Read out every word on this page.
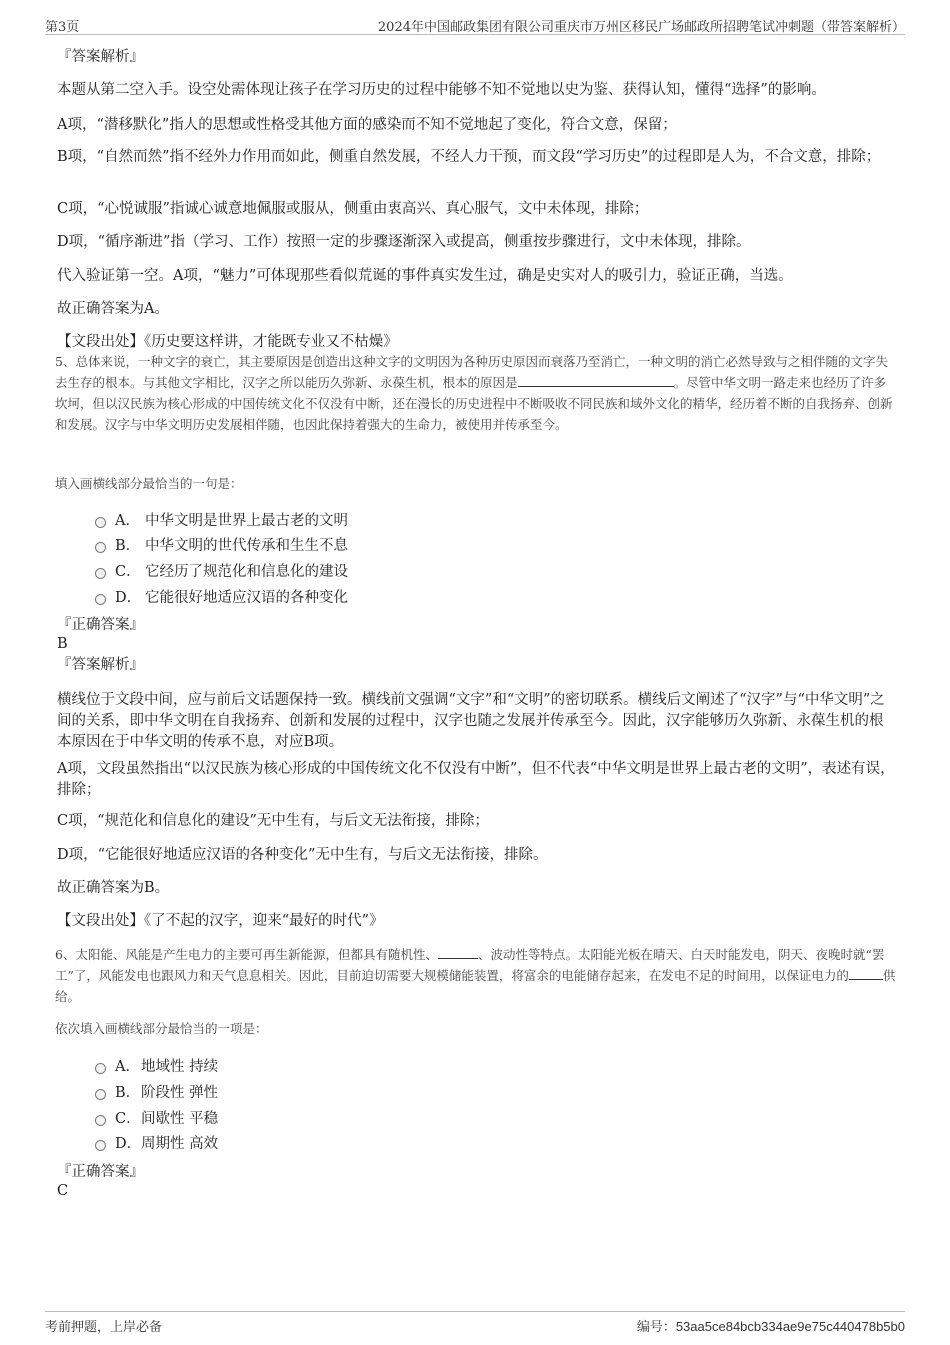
第3页	2024年中国邮政集团有限公司重庆市万州区移民广场邮政所招聘笔试冲刺题（带答案解析）

『答案解析』

本题从第二空入手。设空处需体现让孩子在学习历史的过程中能够不知不觉地以史为鉴、获得认知，懂得“选择”的影响。

A项，“潜移默化”指人的思想或性格受其他方面的感染而不知不觉地起了变化，符合文意，保留；

B项，“自然而然”指不经外力作用而如此，侧重自然发展，不经人力干预，而文段“学习历史”的过程即是人为，不合文意，排除；

C项，“心悦诚服”指诚心诚意地佩服或服从，侧重由衷高兴、真心服气，文中未体现，排除；

D项，“循序渐进”指（学习、工作）按照一定的步骤逐渐深入或提高，侧重按步骤进行，文中未体现，排除。

代入验证第一空。A项，“魅力”可体现那些看似荒诞的事件真实发生过，确是史实对人的吸引力，验证正确，当选。

故正确答案为A。

【文段出处】《历史要这样讲，才能既专业又不枯燥》

5、总体来说，一种文字的衰亡，其主要原因是创造出这种文字的文明因为各种历史原因而衰落乃至消亡，一种文明的消亡必然导致与之相伴随的文字失去生存的根本。与其他文字相比，汉字之所以能历久弥新、永葆生机，根本的原因是	。尽管中华文明一路走来也经历了许多坎坷，但以汉民族为核心形成的中国传统文化不仅没有中断，还在漫长的历史进程中不断吸收不同民族和域外文化的精华，经历着不断的自我扬弃、创新和发展。汉字与中华文明历史发展相伴随，也因此保持着强大的生命力，被使用并传承至今。

填入画横线部分最恰当的一句是：

A． 中华文明是世界上最古老的文明
B． 中华文明的世代传承和生生不息
C． 它经历了规范化和信息化的建设
D． 它能很好地适应汉语的各种变化

『正确答案』

B

『答案解析』

横线位于文段中间，应与前后文话题保持一致。横线前文强调“文字”和“文明”的密切联系。横线后文阐述了“汉字”与“中华文明”之间的关系，即中华文明在自我扬弃、创新和发展的过程中，汉字也随之发展并传承至今。因此，汉字能够历久弥新、永葆生机的根本原因在于中华文明的传承不息，对应B项。

A项，文段虽然指出“以汉民族为核心形成的中国传统文化不仅没有中断”，但不代表“中华文明是世界上最古老的文明”，表述有误，排除；

C项，“规范化和信息化的建设”无中生有，与后文无法衔接，排除；

D项，“它能很好地适应汉语的各种变化”无中生有，与后文无法衔接，排除。

故正确答案为B。

【文段出处】《了不起的汉字，迎来“最好的时代”》

6、太阳能、风能是产生电力的主要可再生新能源，但都具有随机性、	、波动性等特点。太阳能光板在晴天、白天时能发电，阴天、夜晚时就“罢工”了，风能发电也跟风力和天气息息相关。因此，目前迫切需要大规模储能装置，将富余的电能储存起来，在发电不足的时间用，以保证电力的	供给。

依次填入画横线部分最恰当的一项是：

A．地域性 持续
B．阶段性 弹性
C．间歇性 平稳
D．周期性 高效

『正确答案』

C

考前押题，上岸必备	编号：53aa5ce84bcb334ae9e75c440478b5b0
